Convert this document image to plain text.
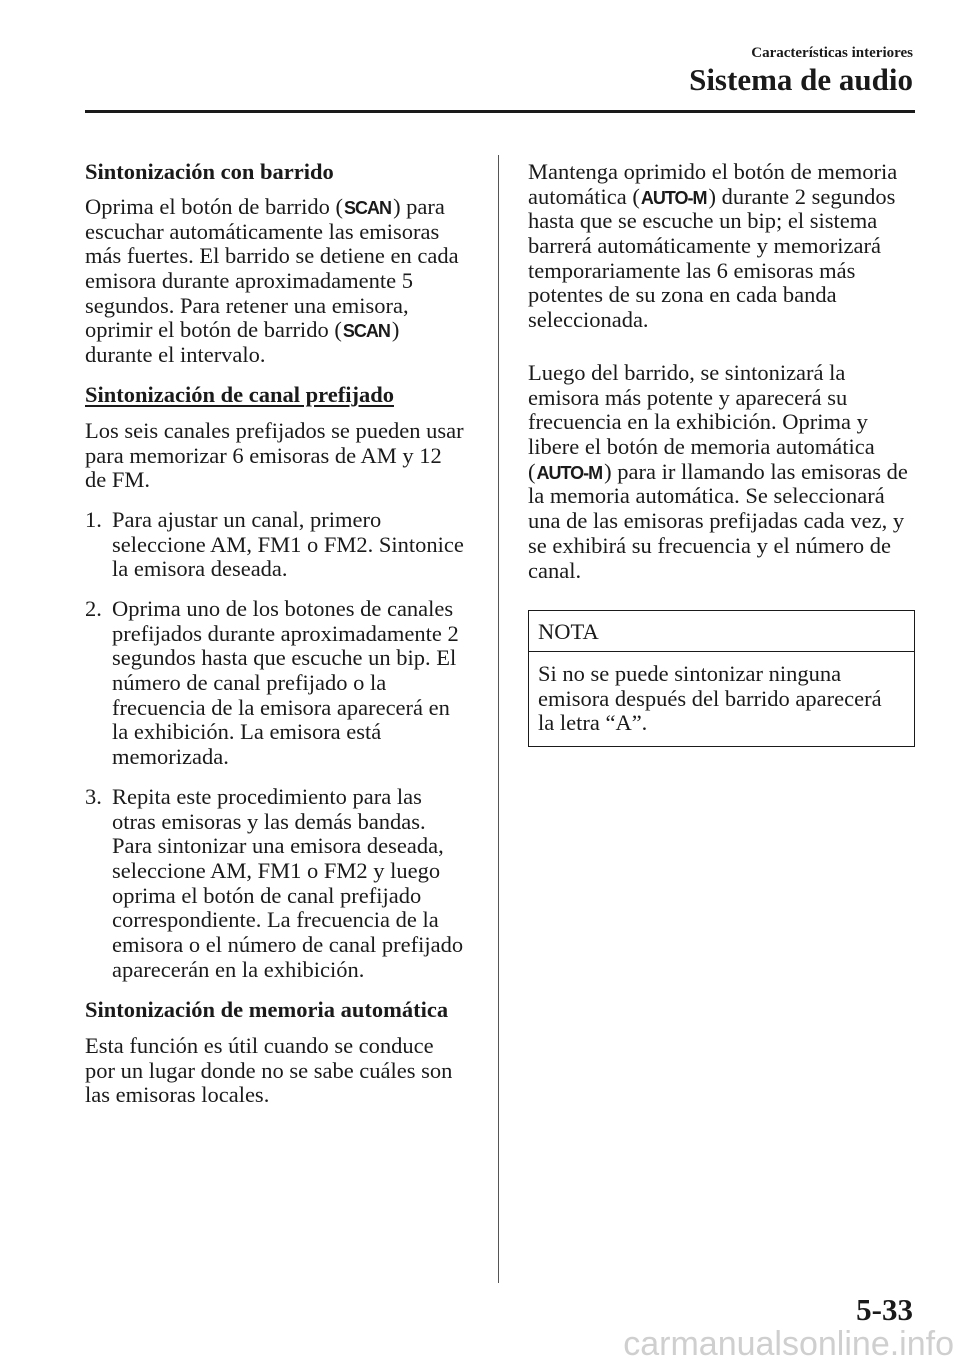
Características interiores
Sistema de audio
Sintonización con barrido
Oprima el botón de barrido (SCAN) para
escuchar automáticamente las emisoras
más fuertes. El barrido se detiene en cada
emisora durante aproximadamente 5
segundos. Para retener una emisora,
oprimir el botón de barrido (SCAN)
durante el intervalo.
Sintonización de canal prefijado
Los seis canales prefijados se pueden usar
para memorizar 6 emisoras de AM y 12
de FM.
1. Para ajustar un canal, primero
seleccione AM, FM1 o FM2. Sintonice
la emisora deseada.
2. Oprima uno de los botones de canales
prefijados durante aproximadamente 2
segundos hasta que escuche un bip. El
número de canal prefijado o la
frecuencia de la emisora aparecerá en
la exhibición. La emisora está
memorizada.
3. Repita este procedimiento para las
otras emisoras y las demás bandas.
Para sintonizar una emisora deseada,
seleccione AM, FM1 o FM2 y luego
oprima el botón de canal prefijado
correspondiente. La frecuencia de la
emisora o el número de canal prefijado
aparecerán en la exhibición.
Sintonización de memoria automática
Esta función es útil cuando se conduce
por un lugar donde no se sabe cuáles son
las emisoras locales.
Mantenga oprimido el botón de memoria
automática (AUTO-M) durante 2 segundos
hasta que se escuche un bip; el sistema
barrerá automáticamente y memorizará
temporariamente las 6 emisoras más
potentes de su zona en cada banda
seleccionada.
Luego del barrido, se sintonizará la
emisora más potente y aparecerá su
frecuencia en la exhibición. Oprima y
libere el botón de memoria automática
(AUTO-M) para ir llamando las emisoras de
la memoria automática. Se seleccionará
una de las emisoras prefijadas cada vez, y
se exhibirá su frecuencia y el número de
canal.
NOTA
Si no se puede sintonizar ninguna
emisora después del barrido aparecerá
la letra “A”.
5-33
carmanualsonline.info
